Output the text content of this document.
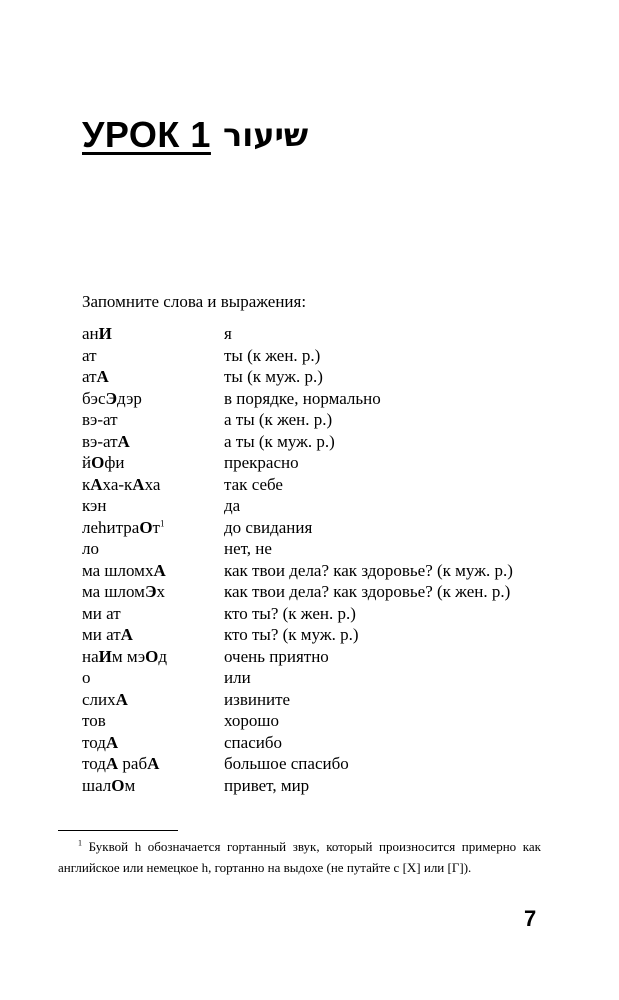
УРОК 1 שיעור
Запомните слова и выражения:
анИ	я
ат	ты (к жен. р.)
атА	ты (к муж. р.)
бэсЭдэр	в порядке, нормально
вэ-ат	а ты (к жен. р.)
вэ-атА	а ты (к муж. р.)
йОфи	прекрасно
кАха-кАха	так себе
кэн	да
леhитраОт$^1$	до свидания
ло	нет, не
ма шломхА	как твои дела? как здоровье? (к муж. р.)
ма шломЭх	как твои дела? как здоровье? (к жен. р.)
ми ат	кто ты? (к жен. р.)
ми атА	кто ты? (к муж. р.)
наИм мэОд	очень приятно
о	или
слихА	извините
тов	хорошо
тодА	спасибо
тодА рабА	большое спасибо
шалОм	привет, мир
$^1$ Буквой h обозначается гортанный звук, который произносится примерно как английское или немецкое h, гортанно на выдохе (не путайте с [Х] или [Г]).
7
